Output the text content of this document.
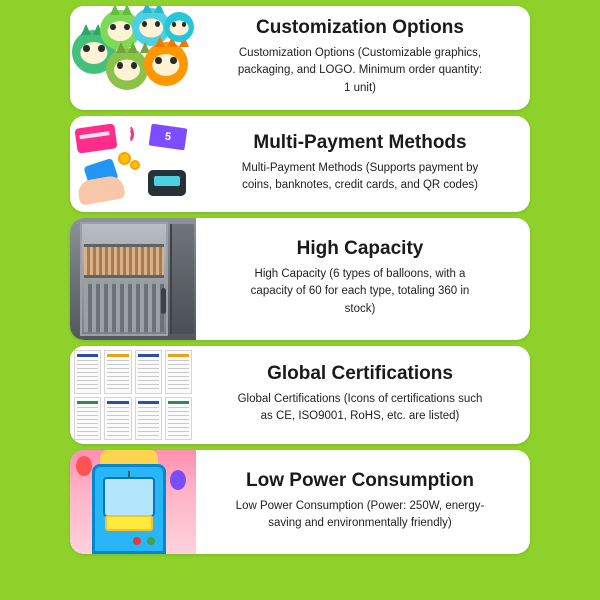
Customization Options
Customization Options (Customizable graphics, packaging, and LOGO. Minimum order quantity: 1 unit)
5	Multi-Payment Methods
Multi-Payment Methods (Supports payment by coins, banknotes, credit cards, and QR codes)
High Capacity
High Capacity (6 types of balloons, with a capacity of 60 for each type, totaling 360 in stock)
Global Certifications
Global Certifications (Icons of certifications such as CE, ISO9001, RoHS, etc. are listed)
Low Power Consumption
Low Power Consumption (Power: 250W, energy-saving and environmentally friendly)
